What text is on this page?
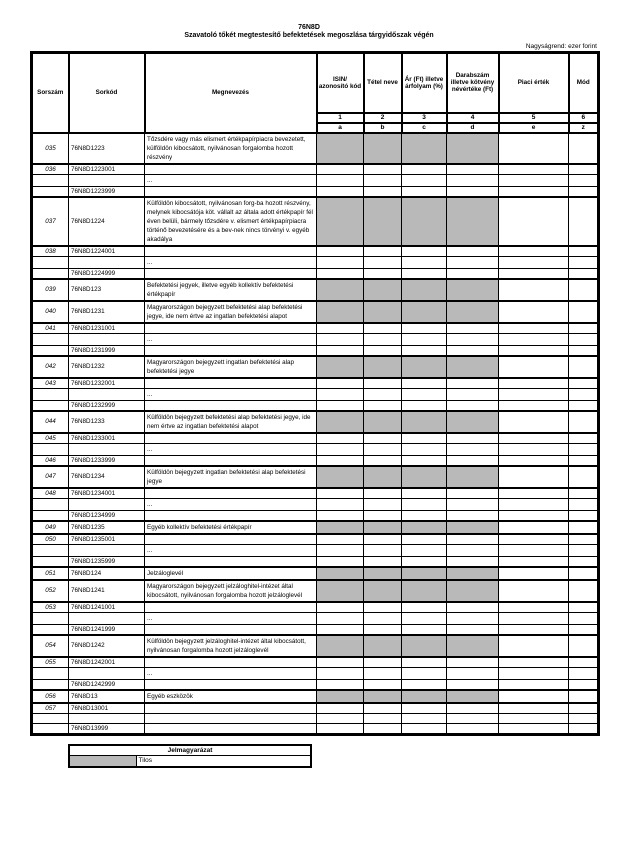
76N8D
Szavatoló tőkét megtestesítő befektetések megoszlása tárgyidőszak végén
Nagyságrend: ezer forint
Sorszám	Sorkód	Megnevezés	ISIN/ azonosító kód	Tétel neve	Ár (Ft) illetve árfolyam (%)	Darabszám illetve kötvény névértéke (Ft)	Piaci érték	Mód
			1	2	3	4	5	6
			a	b	c	d	e	z
035	76N8D1223	Tőzsdére vagy más elismert értékpapírpiacra bevezetett, külföldön kibocsátott, nyilvánosan forgalomba hozott részvény						
036	76N8D1223001							
		...						
	76N8D1223999							
037	76N8D1224	Külföldön kibocsátott, nyilvánosan forg-ba hozott részvény, melynek kibocsátója köt. vállalt az általa adott értékpapír fél éven belüli, bármely tőzsdére v. elismert értékpapírpiacra történő bevezetésére és a bev-nek nincs törvényi v. egyéb akadálya						
038	76N8D1224001							
		...						
	76N8D1224999							
039	76N8D123	Befektetési jegyek, illetve egyéb kollektív befektetési értékpapír						
040	76N8D1231	Magyarországon bejegyzett befektetési alap befektetési jegye, ide nem értve az ingatlan befektetési alapot						
041	76N8D1231001							
		...						
	76N8D1231999							
042	76N8D1232	Magyarországon bejegyzett ingatlan befektetési alap befektetési jegye						
043	76N8D1232001							
		...						
	76N8D1232999							
044	76N8D1233	Külföldön bejegyzett befektetési alap befektetési jegye, ide nem értve az ingatlan befektetési alapot						
045	76N8D1233001							
		...						
046	76N8D1233999							
047	76N8D1234	Külföldön bejegyzett ingatlan befektetési alap befektetési jegye						
048	76N8D1234001							
		...						
	76N8D1234999							
049	76N8D1235	Egyéb kollektív befektetési értékpapír						
050	76N8D1235001							
		...						
	76N8D1235999							
051	76N8D124	Jelzáloglevél						
052	76N8D1241	Magyarországon bejegyzett jelzáloghitel-intézet által kibocsátott, nyilvánosan forgalomba hozott jelzáloglevél						
053	76N8D1241001							
		...						
	76N8D1241999							
054	76N8D1242	Külföldön bejegyzett jelzáloghitel-intézet által kibocsátott, nyilvánosan forgalomba hozott jelzáloglevél						
055	76N8D1242001							
		...						
	76N8D1242999							
056	76N8D13	Egyéb eszközök						
057	76N8D13001							

	76N8D13999							
Jelmagyarázat
	Tilos
